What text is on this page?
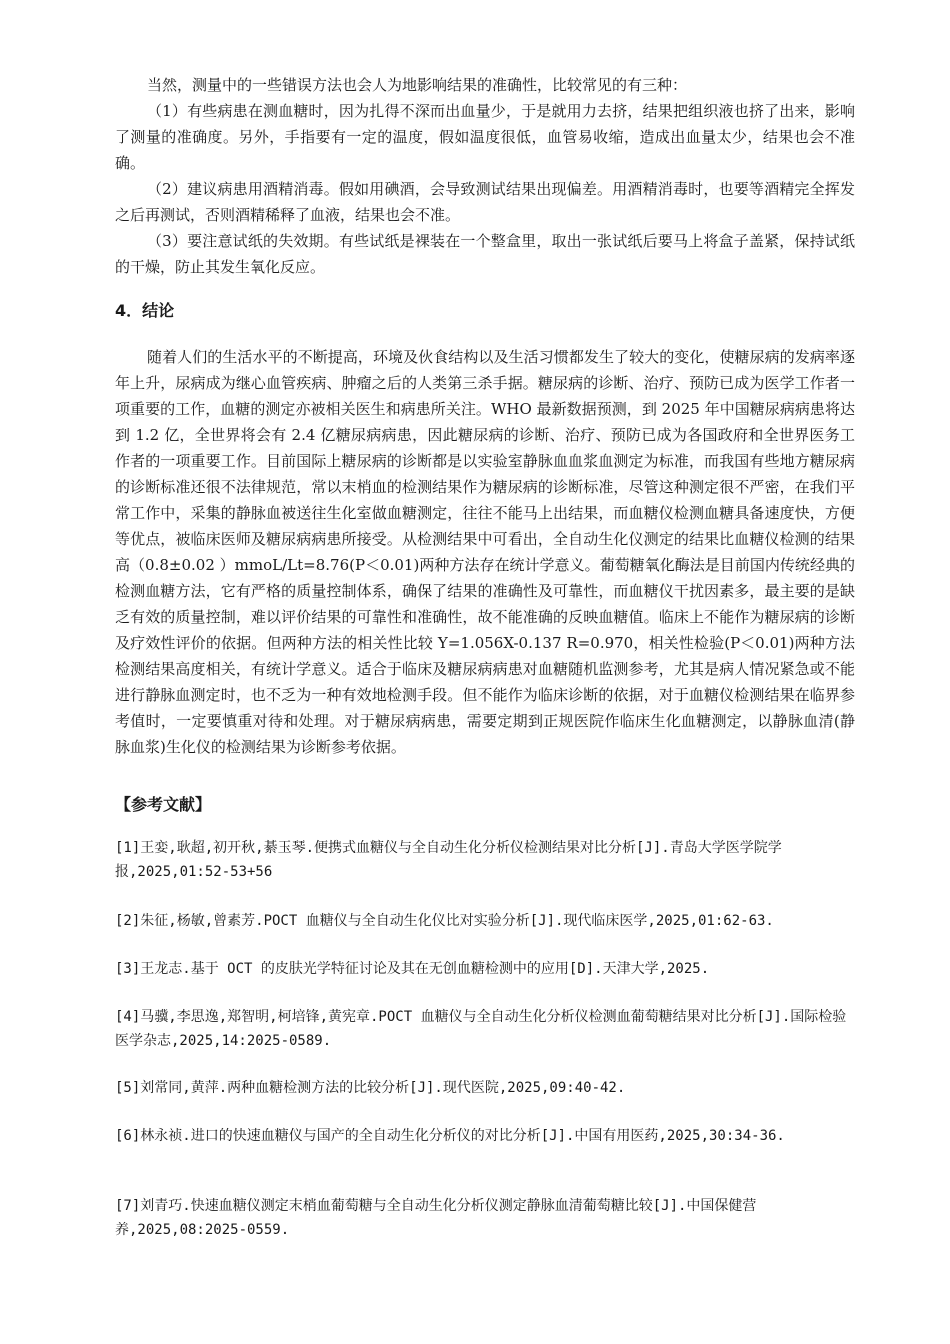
当然，测量中的一些错误方法也会人为地影响结果的准确性，比较常见的有三种：

（1）有些病患在测血糖时，因为扎得不深而出血量少，于是就用力去挤，结果把组织液也挤了出来，影响了测量的准确度。另外，手指要有一定的温度，假如温度很低，血管易收缩，造成出血量太少，结果也会不准确。

（2）建议病患用酒精消毒。假如用碘酒，会导致测试结果出现偏差。用酒精消毒时，也要等酒精完全挥发之后再测试，否则酒精稀释了血液，结果也会不准。

（3）要注意试纸的失效期。有些试纸是裸装在一个整盒里，取出一张试纸后要马上将盒子盖紧，保持试纸的干燥，防止其发生氧化反应。

4．结论

随着人们的生活水平的不断提高，环境及伙食结构以及生活习惯都发生了较大的变化，使糖尿病的发病率逐年上升，尿病成为继心血管疾病、肿瘤之后的人类第三杀手据。糖尿病的诊断、治疗、预防已成为医学工作者一项重要的工作，血糖的测定亦被相关医生和病患所关注。WHO 最新数据预测，到 2025 年中国糖尿病病患将达到 1.2 亿，全世界将会有 2.4 亿糖尿病病患，因此糖尿病的诊断、治疗、预防已成为各国政府和全世界医务工作者的一项重要工作。目前国际上糖尿病的诊断都是以实验室静脉血血浆血测定为标准，而我国有些地方糖尿病的诊断标准还很不法律规范，常以末梢血的检测结果作为糖尿病的诊断标准，尽管这种测定很不严密，在我们平常工作中，采集的静脉血被送往生化室做血糖测定，往往不能马上出结果，而血糖仪检测血糖具备速度快，方便等优点，被临床医师及糖尿病病患所接受。从检测结果中可看出，全自动生化仪测定的结果比血糖仪检测的结果高（0.8±0.02 ）mmoL/Lt=8.76(P＜0.01)两种方法存在统计学意义。葡萄糖氧化酶法是目前国内传统经典的检测血糖方法，它有严格的质量控制体系，确保了结果的准确性及可靠性，而血糖仪干扰因素多，最主要的是缺乏有效的质量控制，难以评价结果的可靠性和准确性，故不能准确的反映血糖值。临床上不能作为糖尿病的诊断及疗效性评价的依据。但两种方法的相关性比较 Y=1.056X-0.137 R=0.970，相关性检验(P＜0.01)两种方法检测结果高度相关，有统计学意义。适合于临床及糖尿病病患对血糖随机监测参考，尤其是病人情况紧急或不能进行静脉血测定时，也不乏为一种有效地检测手段。但不能作为临床诊断的依据，对于血糖仪检测结果在临界参考值时，一定要慎重对待和处理。对于糖尿病病患，需要定期到正规医院作临床生化血糖测定，以静脉血清(静脉血浆)生化仪的检测结果为诊断参考依据。

【参考文献】
[1]王娈,耿超,初开秋,綦玉琴.便携式血糖仪与全自动生化分析仪检测结果对比分析[J].青岛大学医学院学报,2025,01:52-53+56
[2]朱征,杨敏,曾素芳.POCT 血糖仪与全自动生化仪比对实验分析[J].现代临床医学,2025,01:62-63.
[3]王龙志.基于 OCT 的皮肤光学特征讨论及其在无创血糖检测中的应用[D].天津大学,2025.
[4]马骥,李思逸,郑智明,柯培锋,黄宪章.POCT 血糖仪与全自动生化分析仪检测血葡萄糖结果对比分析[J].国际检验医学杂志,2025,14:2025-0589.
[5]刘常同,黄萍.两种血糖检测方法的比较分析[J].现代医院,2025,09:40-42.
[6]林永祯.进口的快速血糖仪与国产的全自动生化分析仪的对比分析[J].中国有用医药,2025,30:34-36.
[7]刘青巧.快速血糖仪测定末梢血葡萄糖与全自动生化分析仪测定静脉血清葡萄糖比较[J].中国保健营养,2025,08:2025-0559.
